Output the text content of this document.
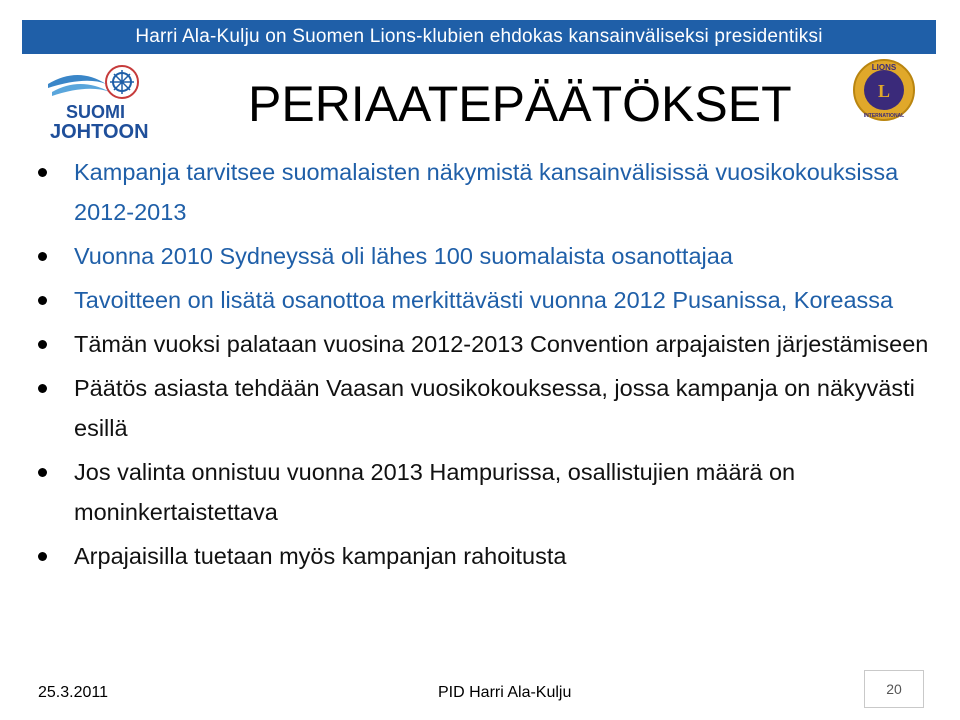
Harri Ala-Kulju on Suomen Lions-klubien ehdokas kansainväliseksi presidentiksi
SUOMI
JOHTOON PERIAATEPÄÄTÖKSET
LIONS
INTERNATIONAL
L
Kampanja tarvitsee suomalaisten näkymistä kansainvälisissä vuosikokouksissa 2012-2013
Vuonna 2010 Sydneyssä oli lähes 100 suomalaista osanottajaa
Tavoitteen on lisätä osanottoa merkittävästi vuonna 2012 Pusanissa, Koreassa
Tämän vuoksi palataan vuosina 2012-2013 Convention arpajaisten järjestämiseen
Päätös asiasta tehdään Vaasan vuosikokouksessa, jossa kampanja on näkyvästi esillä
Jos valinta onnistuu vuonna 2013 Hampurissa, osallistujien määrä on moninkertaistettava
Arpajaisilla tuetaan myös kampanjan rahoitusta
25.3.2011	PID Harri Ala-Kulju	20
